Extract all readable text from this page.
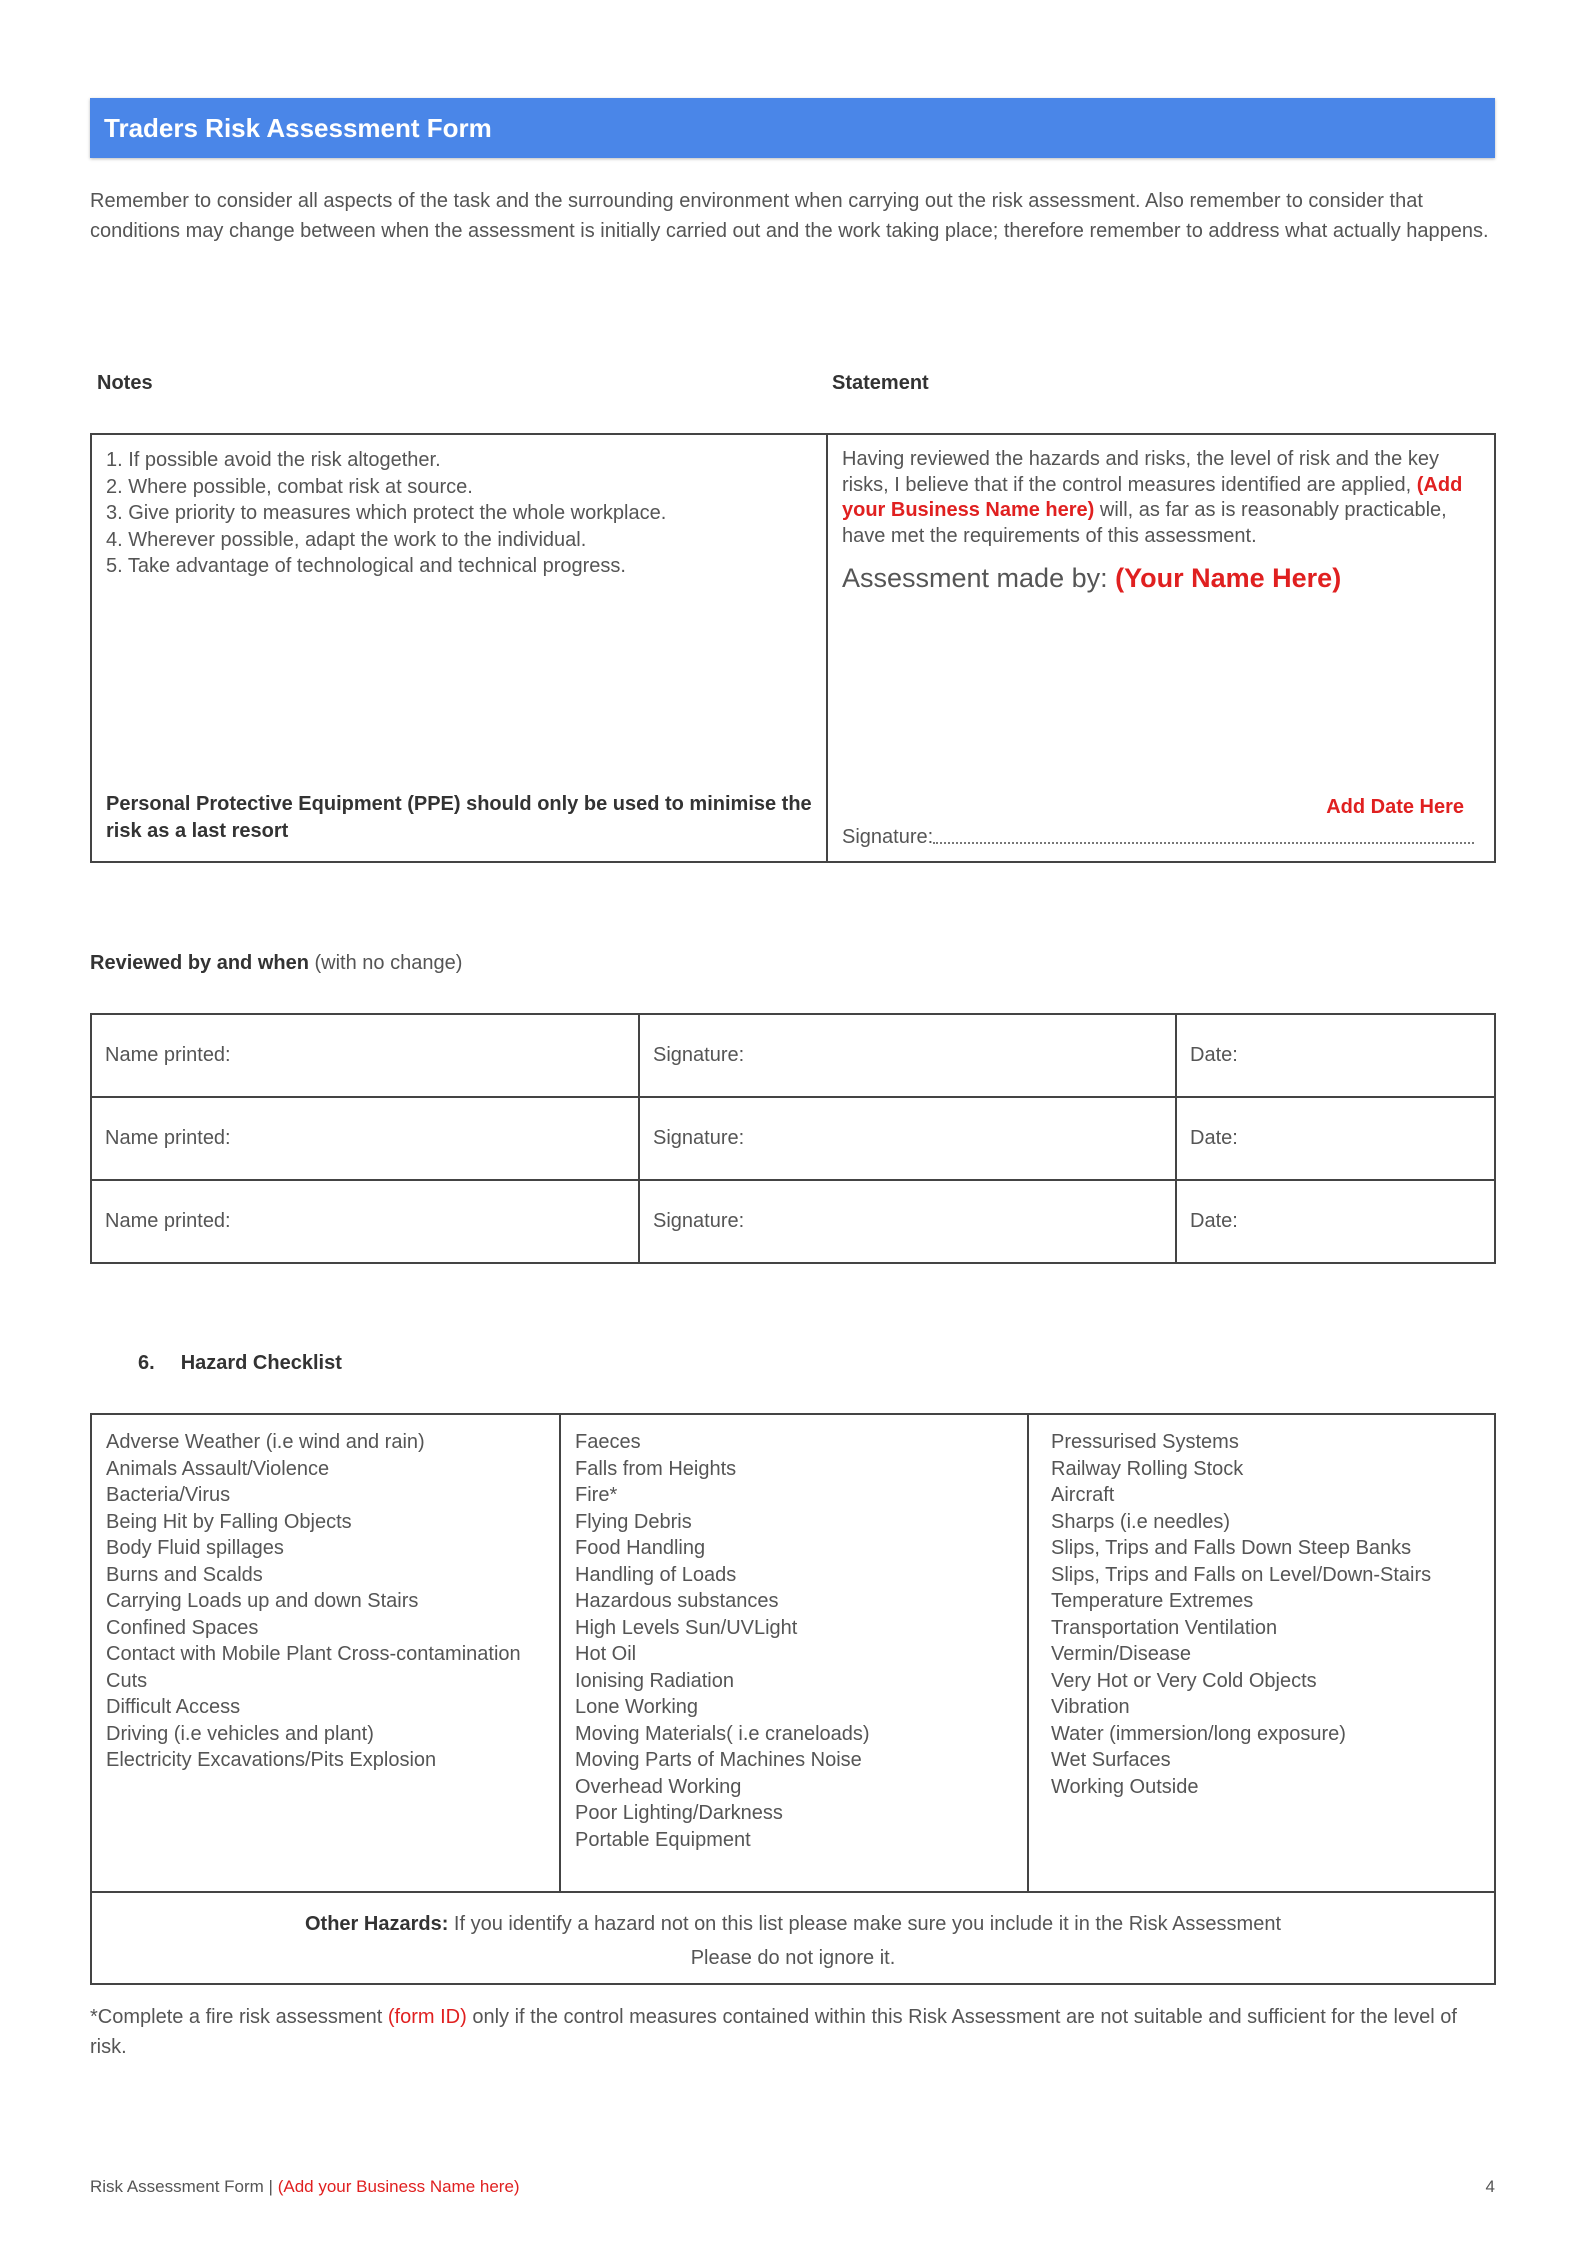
Traders Risk Assessment Form
Remember to consider all aspects of the task and the surrounding environment when carrying out the risk assessment. Also remember to consider that conditions may change between when the assessment is initially carried out and the work taking place; therefore remember to address what actually happens.
Notes	Statement
1. If possible avoid the risk altogether.
2. Where possible, combat risk at source.
3. Give priority to measures which protect the whole workplace.
4. Wherever possible, adapt the work to the individual.
5. Take advantage of technological and technical progress.
Personal Protective Equipment (PPE) should only be used to minimise the risk as a last resort

Having reviewed the hazards and risks, the level of risk and the key risks, I believe that if the control measures identified are applied, (Add your Business Name here) will, as far as is reasonably practicable, have met the requirements of this assessment.
Assessment made by: (Your Name Here)
Add Date Here
Signature:
Reviewed by and when (with no change)
Name printed:	Signature:	Date:
Name printed:	Signature:	Date:
Name printed:	Signature:	Date:
6. Hazard Checklist
Adverse Weather (i.e wind and rain)
Animals Assault/Violence
Bacteria/Virus
Being Hit by Falling Objects
Body Fluid spillages
Burns and Scalds
Carrying Loads up and down Stairs
Confined Spaces
Contact with Mobile Plant Cross-contamination
Cuts
Difficult Access
Driving (i.e vehicles and plant)
Electricity Excavations/Pits Explosion

Faeces
Falls from Heights
Fire*
Flying Debris
Food Handling
Handling of Loads
Hazardous substances
High Levels Sun/UVLight
Hot Oil
Ionising Radiation
Lone Working
Moving Materials( i.e craneloads)
Moving Parts of Machines Noise
Overhead Working
Poor Lighting/Darkness
Portable Equipment

Pressurised Systems
Railway Rolling Stock
Aircraft
Sharps (i.e needles)
Slips, Trips and Falls Down Steep Banks
Slips, Trips and Falls on Level/Down-Stairs
Temperature Extremes
Transportation Ventilation
Vermin/Disease
Very Hot or Very Cold Objects
Vibration
Water (immersion/long exposure)
Wet Surfaces
Working Outside

Other Hazards: If you identify a hazard not on this list please make sure you include it in the Risk Assessment
Please do not ignore it.
*Complete a fire risk assessment (form ID) only if the control measures contained within this Risk Assessment are not suitable and sufficient for the level of risk.
Risk Assessment Form | (Add your Business Name here)	4
